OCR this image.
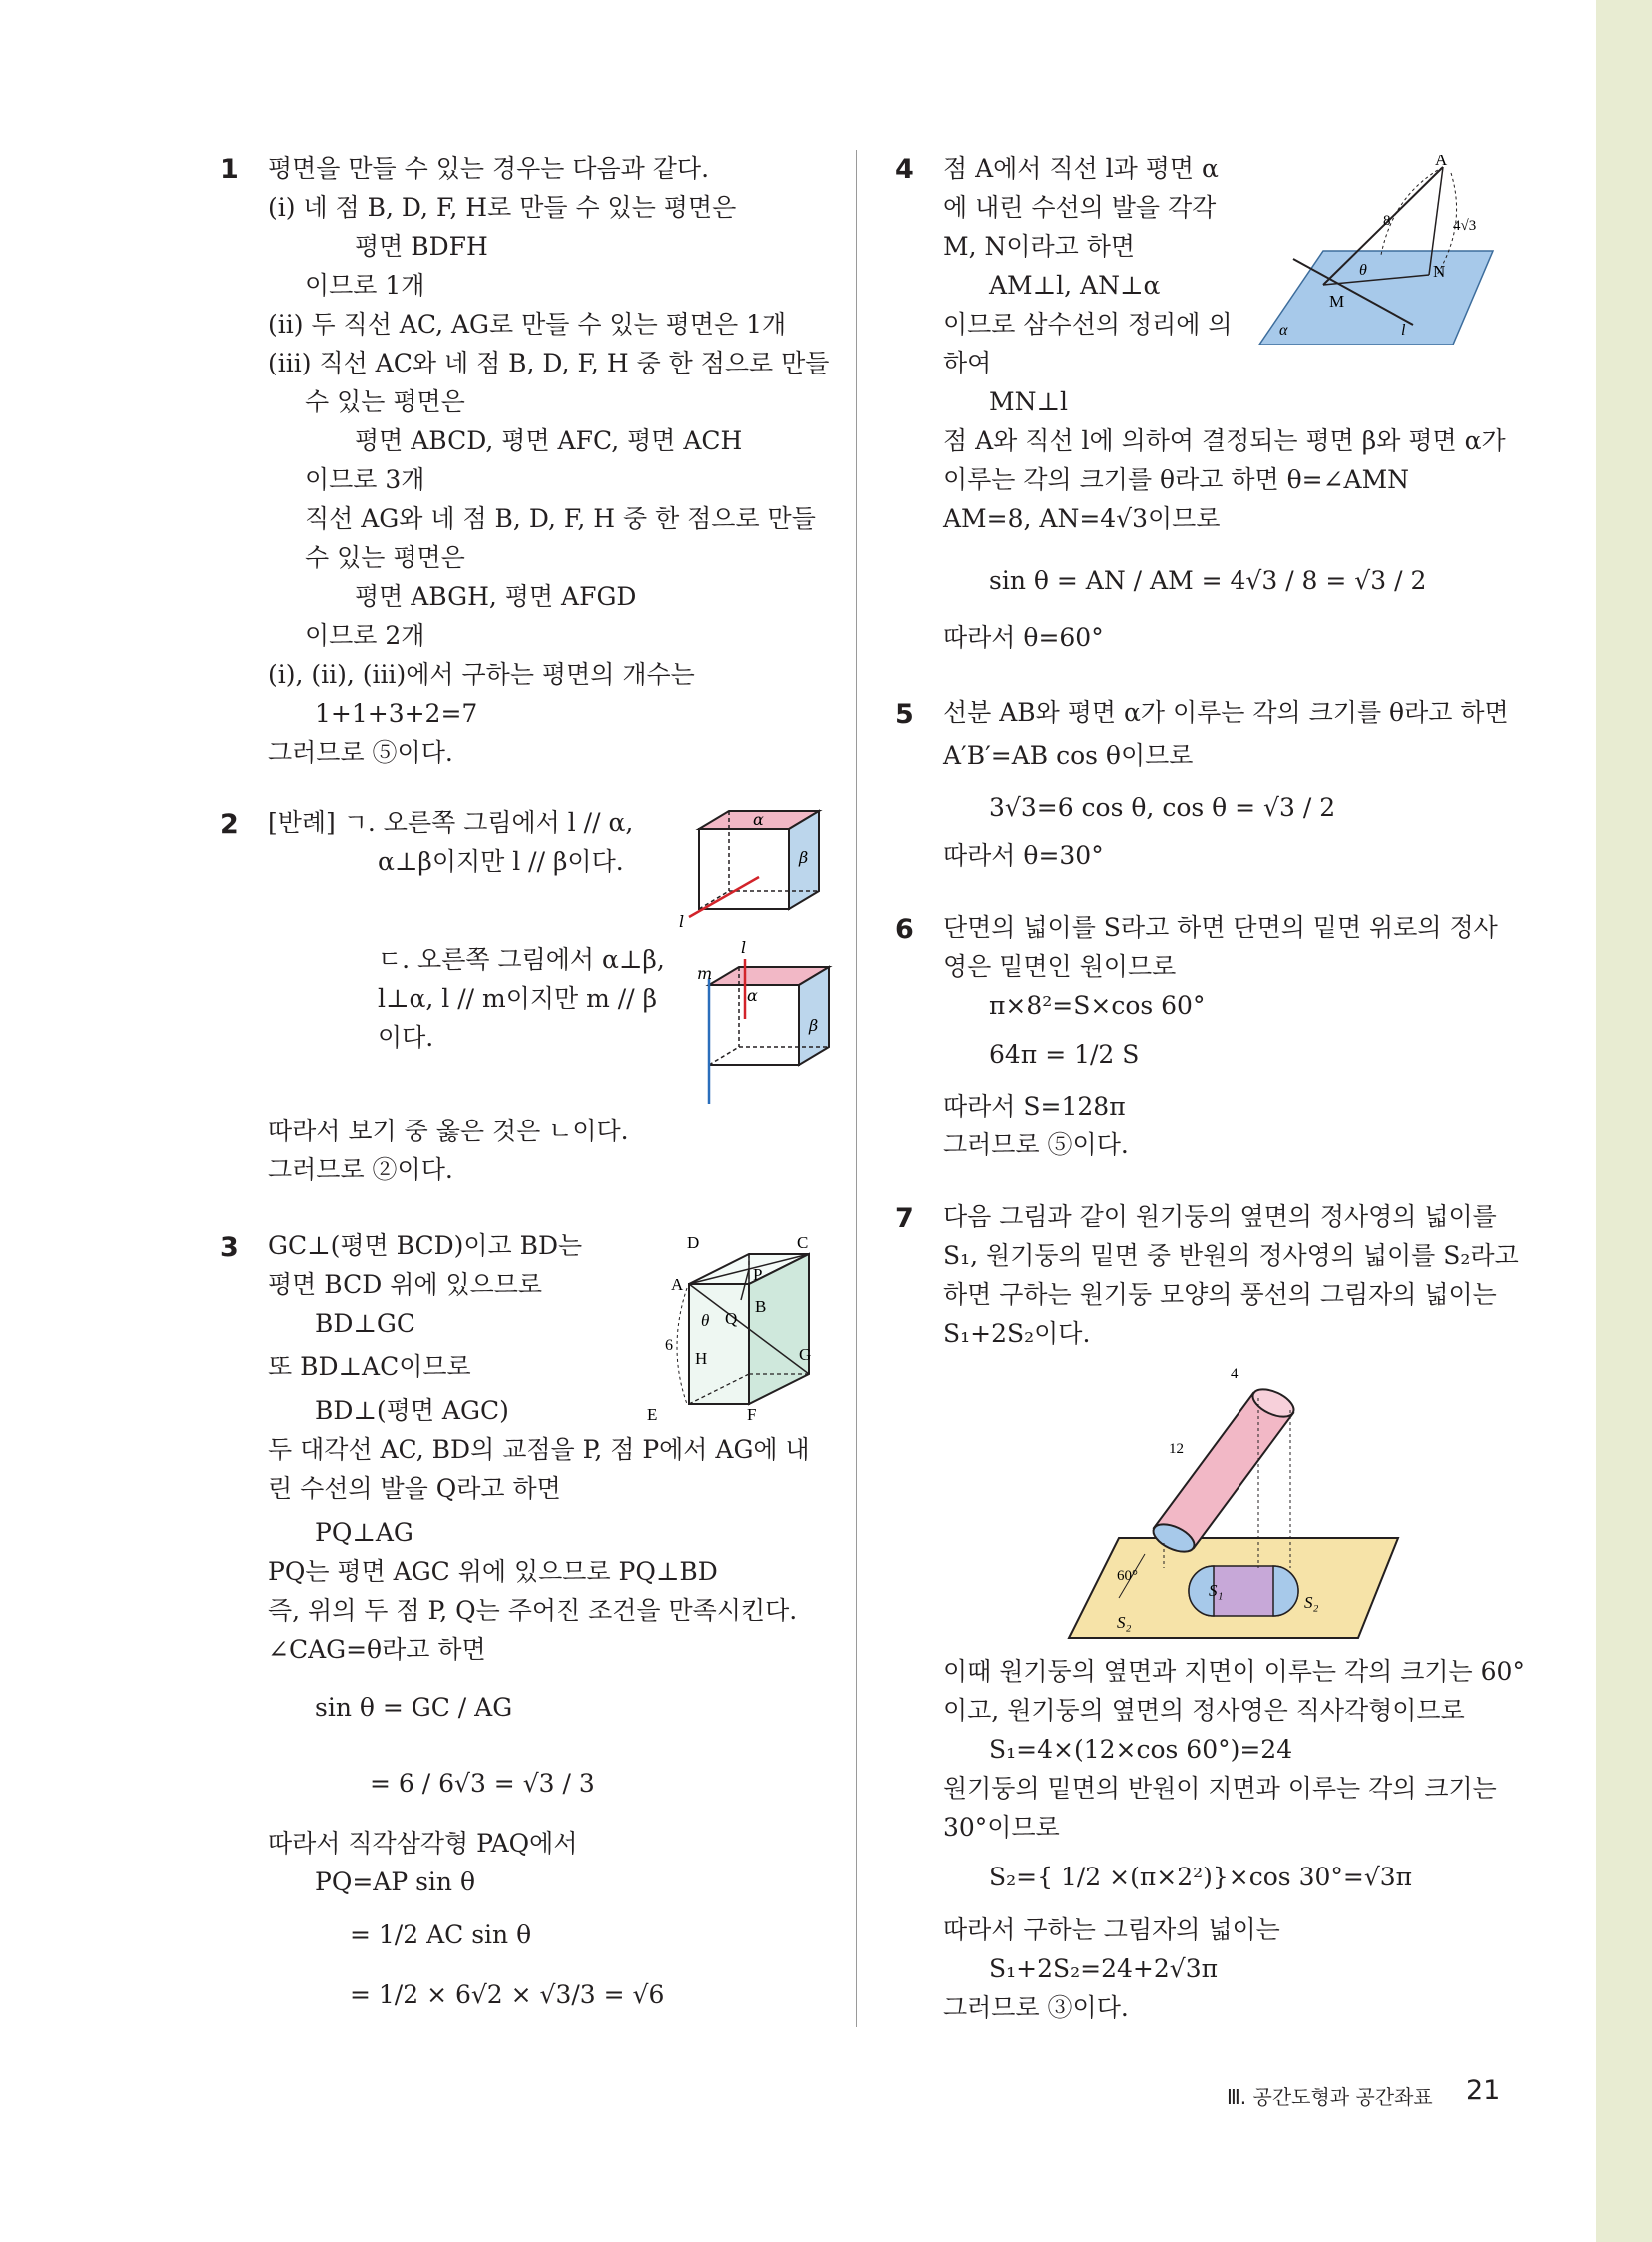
1 평면을 만들 수 있는 경우는 다음과 같다.
(ⅰ) 네 점 B, D, F, H로 만들 수 있는 평면은
평면 BDFH
이므로 1개
(ⅱ) 두 직선 AC, AG로 만들 수 있는 평면은 1개
(ⅲ) 직선 AC와 네 점 B, D, F, H 중 한 점으로 만들
수 있는 평면은
평면 ABCD, 평면 AFC, 평면 ACH
이므로 3개
직선 AG와 네 점 B, D, F, H 중 한 점으로 만들
수 있는 평면은
평면 ABGH, 평면 AFGD
이므로 2개
(ⅰ), (ⅱ), (ⅲ)에서 구하는 평면의 개수는
1+1+3+2=7
그러므로 ⑤이다.
2 [반례] ㄱ. 오른쪽 그림에서 l // α,
α⊥β이지만 l // β이다.
ㄷ. 오른쪽 그림에서 α⊥β,
l⊥α, l // m이지만 m // β
이다.
따라서 보기 중 옳은 것은 ㄴ이다.
그러므로 ②이다.
α
β
l
l
m
α
β
3 GC⊥(평면 BCD)이고 BD는
평면 BCD 위에 있으므로
BD⊥GC
또 BD⊥AC이므로
BD⊥(평면 AGC)
두 대각선 AC, BD의 교점을 P, 점 P에서 AG에 내
린 수선의 발을 Q라고 하면
PQ⊥AG
PQ는 평면 AGC 위에 있으므로 PQ⊥BD
즉, 위의 두 점 P, Q는 주어진 조건을 만족시킨다.
∠CAG=θ라고 하면
sin θ = GC / AG
= 6 / 6√3 = √3 / 3
따라서 직각삼각형 PAQ에서
PQ=AP sin θ
= 1/2 AC sin θ
= 1/2 × 6√2 × √3/3 = √6
D	C
A
P
B
θ Q
6
H	G
E	F
4 점 A에서 직선 l과 평면 α
에 내린 수선의 발을 각각
M, N이라고 하면
AM⊥l, AN⊥α
이므로 삼수선의 정리에 의
하여
MN⊥l
점 A와 직선 l에 의하여 결정되는 평면 β와 평면 α가
이루는 각의 크기를 θ라고 하면 θ=∠AMN
AM=8, AN=4√3이므로
sin θ = AN / AM = 4√3 / 8 = √3 / 2
따라서 θ=60°
A
8	4√3
θ	N
M
α	l
5 선분 AB와 평면 α가 이루는 각의 크기를 θ라고 하면
A′B′=AB cos θ이므로
3√3=6 cos θ, cos θ = √3 / 2
따라서 θ=30°
6 단면의 넓이를 S라고 하면 단면의 밑면 위로의 정사
영은 밑면인 원이므로
π×8²=S×cos 60°
64π = 1/2 S
따라서 S=128π
그러므로 ⑤이다.
7 다음 그림과 같이 원기둥의 옆면의 정사영의 넓이를
S₁, 원기둥의 밑면 중 반원의 정사영의 넓이를 S₂라고
하면 구하는 원기둥 모양의 풍선의 그림자의 넓이는
S₁+2S₂이다.
이때 원기둥의 옆면과 지면이 이루는 각의 크기는 60°
이고, 원기둥의 옆면의 정사영은 직사각형이므로
S₁=4×(12×cos 60°)=24
원기둥의 밑면의 반원이 지면과 이루는 각의 크기는
30°이므로
S₂={ 1/2 ×(π×2²)}×cos 30°=√3π
따라서 구하는 그림자의 넓이는
S₁+2S₂=24+2√3π
그러므로 ③이다.
4
12
60°
S₁
S₂
S₂
Ⅲ. 공간도형과 공간좌표 21
